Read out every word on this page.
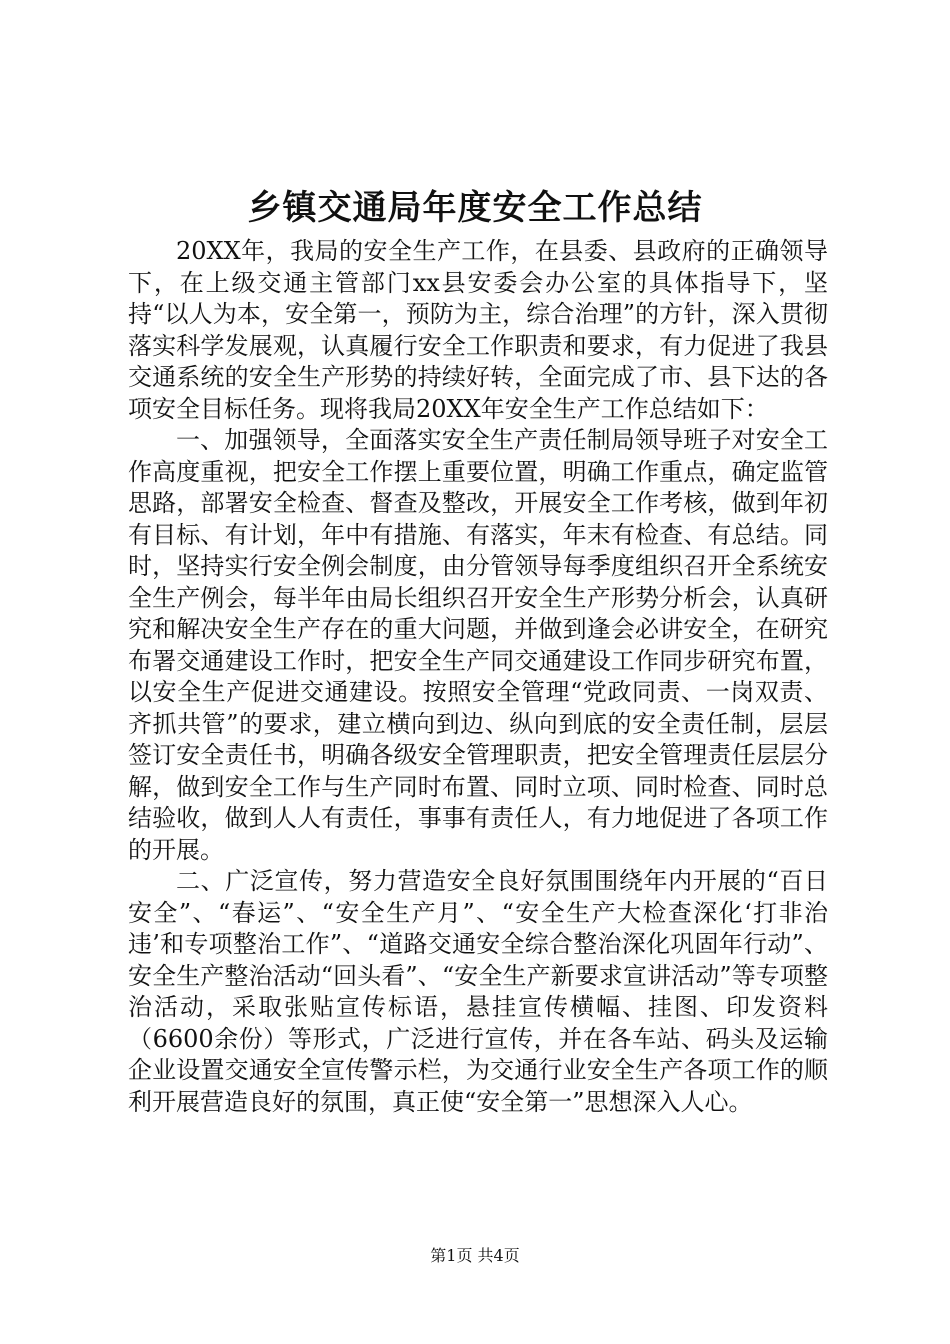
乡镇交通局年度安全工作总结

20XX年，我局的安全生产工作，在县委、县政府的正确领导下，在上级交通主管部门xx县安委会办公室的具体指导下，坚持“以人为本，安全第一，预防为主，综合治理”的方针，深入贯彻落实科学发展观，认真履行安全工作职责和要求，有力促进了我县交通系统的安全生产形势的持续好转，全面完成了市、县下达的各项安全目标任务。现将我局20XX年安全生产工作总结如下：

一、加强领导，全面落实安全生产责任制局领导班子对安全工作高度重视，把安全工作摆上重要位置，明确工作重点，确定监管思路，部署安全检查、督查及整改，开展安全工作考核，做到年初有目标、有计划，年中有措施、有落实，年末有检查、有总结。同时，坚持实行安全例会制度，由分管领导每季度组织召开全系统安全生产例会，每半年由局长组织召开安全生产形势分析会，认真研究和解决安全生产存在的重大问题，并做到逢会必讲安全，在研究布署交通建设工作时，把安全生产同交通建设工作同步研究布置，以安全生产促进交通建设。按照安全管理“党政同责、一岗双责、齐抓共管”的要求，建立横向到边、纵向到底的安全责任制，层层签订安全责任书，明确各级安全管理职责，把安全管理责任层层分解，做到安全工作与生产同时布置、同时立项、同时检查、同时总结验收，做到人人有责任，事事有责任人，有力地促进了各项工作的开展。

二、广泛宣传，努力营造安全良好氛围围绕年内开展的“百日安全”、“春运”、“安全生产月”、“安全生产大检查深化‘打非治违’和专项整治工作”、“道路交通安全综合整治深化巩固年行动”、安全生产整治活动“回头看”、“安全生产新要求宣讲活动”等专项整治活动，采取张贴宣传标语，悬挂宣传横幅、挂图、印发资料（6600余份）等形式，广泛进行宣传，并在各车站、码头及运输企业设置交通安全宣传警示栏，为交通行业安全生产各项工作的顺利开展营造良好的氛围，真正使“安全第一”思想深入人心。

第1页 共4页
